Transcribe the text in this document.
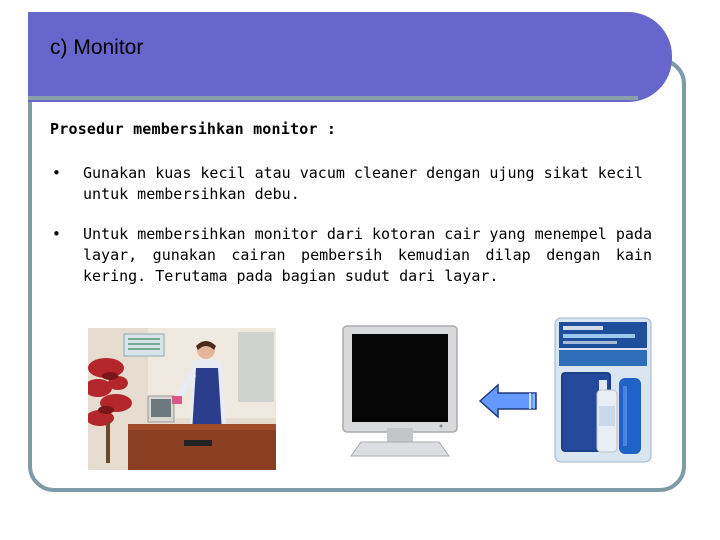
c) Monitor
Prosedur membersihkan monitor :
• Gunakan kuas kecil atau vacum cleaner dengan ujung sikat kecil untuk membersihkan debu.
• Untuk membersihkan monitor dari kotoran cair yang menempel pada layar, gunakan cairan pembersih kemudian dilap dengan kain kering. Terutama pada bagian sudut dari layar.
